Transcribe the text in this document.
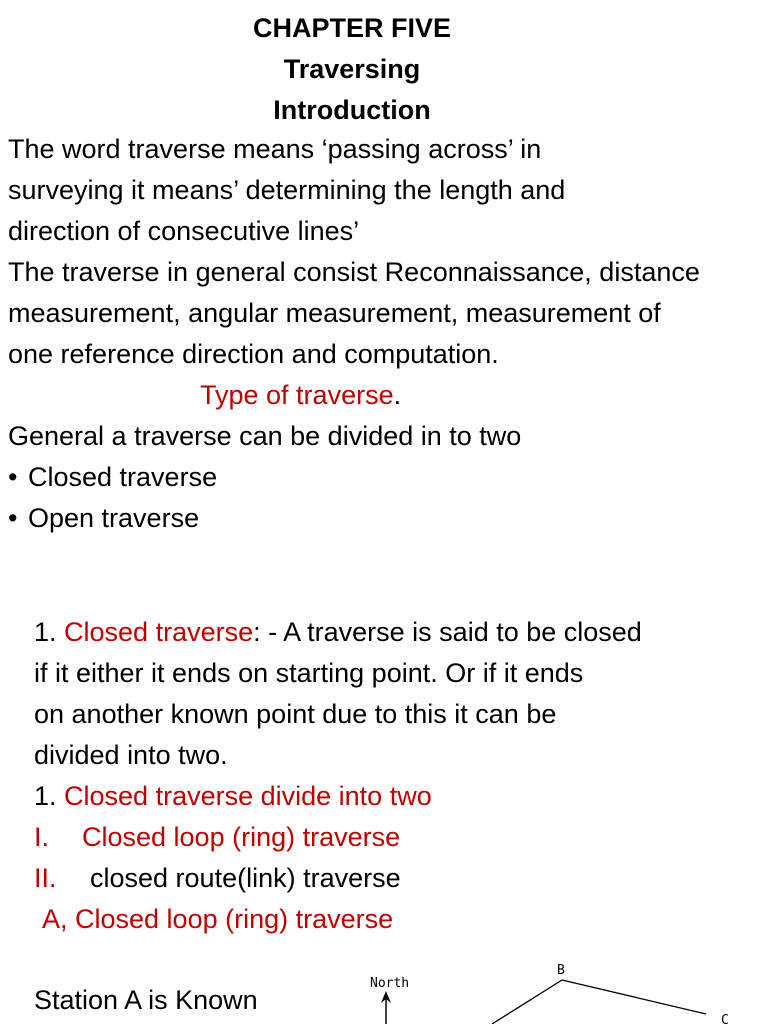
CHAPTER FIVE
Traversing
Introduction
The word traverse means ‘passing across’ in
surveying it means’ determining the length and
direction of consecutive lines’
The traverse in general consist Reconnaissance, distance
measurement, angular measurement, measurement of
one reference direction and computation.
Type of traverse.
General a traverse can be divided in to two
• Closed traverse
• Open traverse
1. Closed traverse: - A traverse is said to be closed
if it either it ends on starting point. Or if it ends
on another known point due to this it can be
divided into two.
1. Closed traverse divide into two
I. Closed loop (ring) traverse
II. closed route(link) traverse
A, Closed loop (ring) traverse
Station A is Known
North
B
C
